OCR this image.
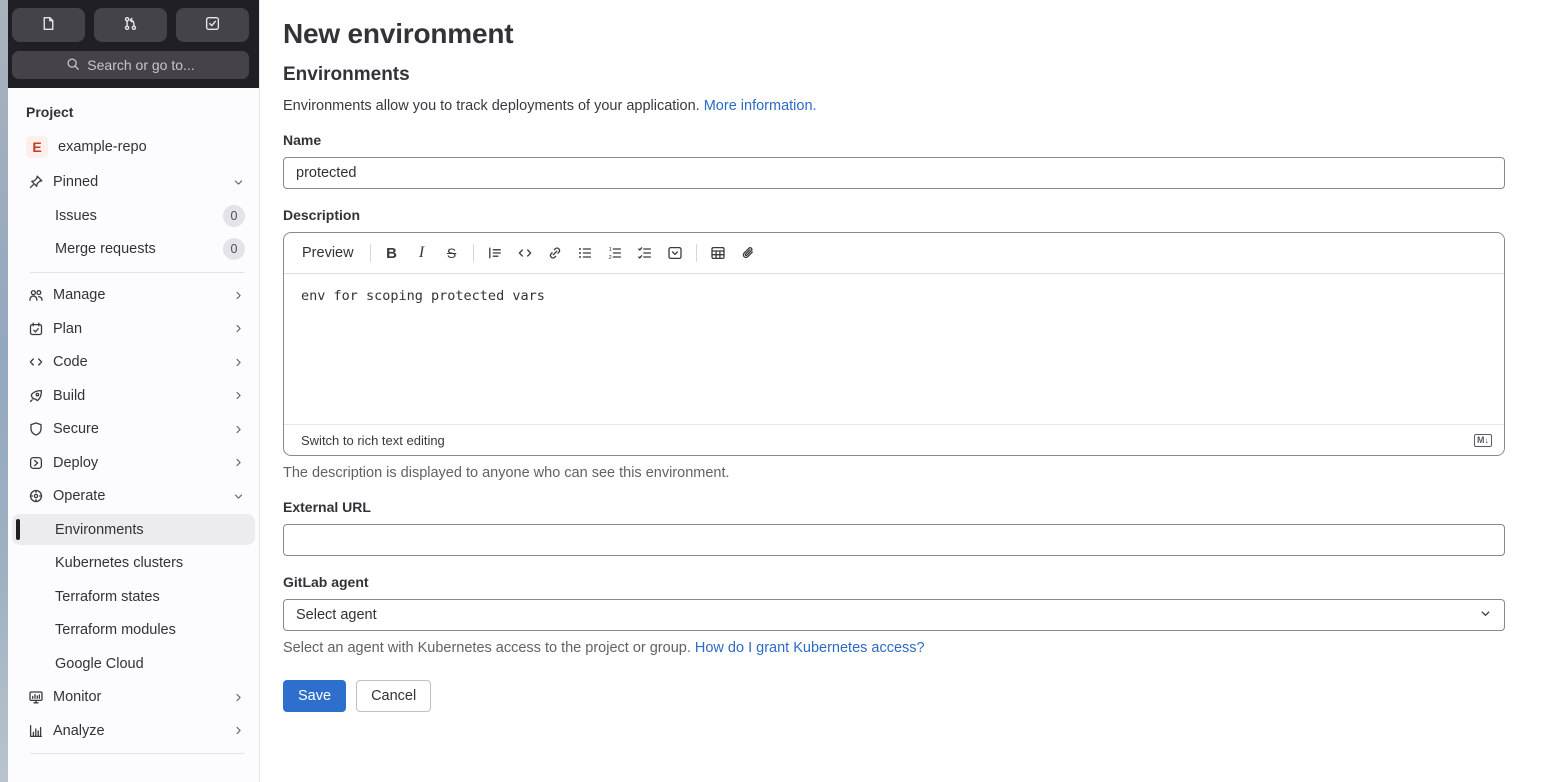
Search or go to...
Project
E	example-repo
Pinned
Issues	0
Merge requests	0
Manage
Plan
Code
Build
Secure
Deploy
Operate
Environments
Kubernetes clusters
Terraform states
Terraform modules
Google Cloud
Monitor
Analyze
New environment
Environments

Environments allow you to track deployments of your application. More information.

Name
protected
Description
Preview	B I S	1
2
env for scoping protected vars
Switch to rich text editing	M↓
The description is displayed to anyone who can see this environment.
External URL
GitLab agent
Select agent
Select an agent with Kubernetes access to the project or group. How do I grant Kubernetes access?
Save	Cancel
